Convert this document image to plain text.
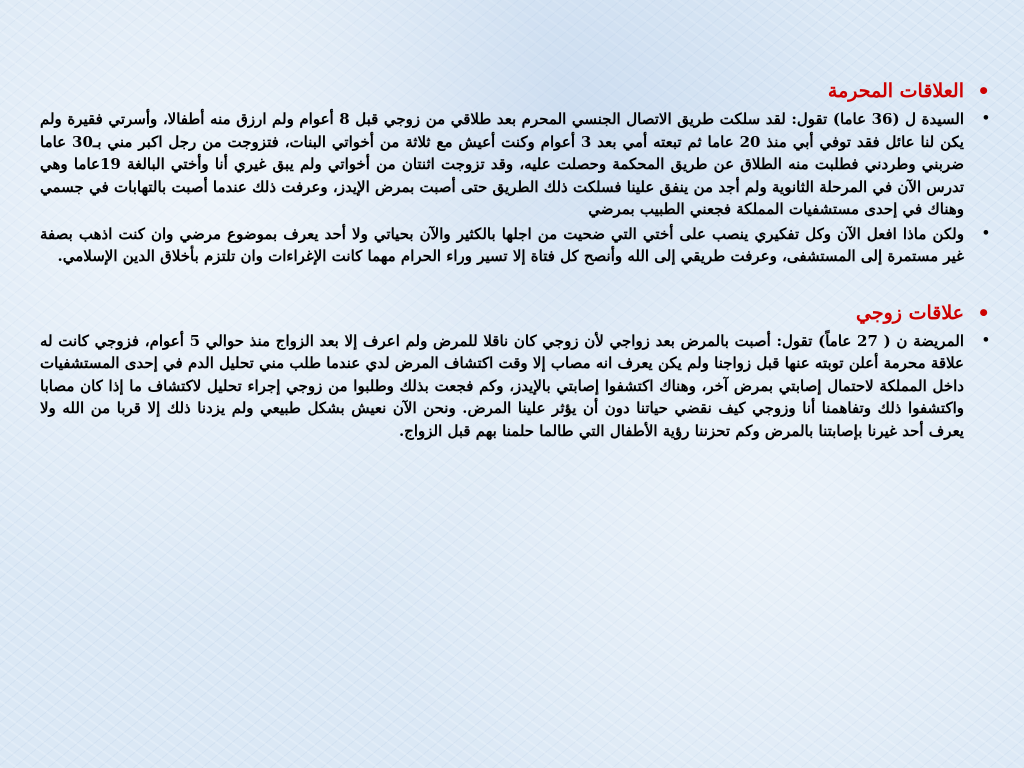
•
العلاقات المحرمة
•
السيدة ل (36 عاما) تقول: لقد سلكت طريق الاتصال الجنسي المحرم بعد طلاقي من زوجي قبل 8 أعوام ولم ارزق منه أطفالا، وأسرتي فقيرة ولم يكن لنا عائل فقد توفي أبي منذ 20 عاما ثم تبعته أمي بعد 3 أعوام وكنت أعيش مع ثلاثة من أخواتي البنات، فتزوجت من رجل اكبر مني بـ30 عاما ضربني وطردني فطلبت منه الطلاق عن طريق المحكمة وحصلت عليه، وقد تزوجت اثنتان من أخواتي ولم يبق غيري أنا وأختي البالغة 19عاما وهي تدرس الآن في المرحلة الثانوية ولم أجد من ينفق علينا فسلكت ذلك الطريق حتى أصبت بمرض الإيدز، وعرفت ذلك عندما أصبت بالتهابات في جسمي وهناك في إحدى مستشفيات المملكة فجعني الطبيب بمرضي
•
ولكن ماذا افعل الآن وكل تفكيري ينصب على أختي التي ضحيت من اجلها بالكثير والآن بحياتي ولا أحد يعرف بموضوع مرضي وان كنت اذهب بصفة غير مستمرة إلى المستشفى، وعرفت طريقي إلى الله وأنصح كل فتاة إلا تسير وراء الحرام مهما كانت الإغراءات وان تلتزم بأخلاق الدين الإسلامي.
•
علاقات زوجي
•
المريضة ن ( 27 عاماً) تقول: أصبت بالمرض بعد زواجي لأن زوجي كان ناقلا للمرض ولم اعرف إلا بعد الزواج منذ حوالي 5 أعوام، فزوجي كانت له علاقة محرمة أعلن توبته عنها قبل زواجنا ولم يكن يعرف انه مصاب إلا وقت اكتشاف المرض لدي عندما طلب مني تحليل الدم في إحدى المستشفيات داخل المملكة لاحتمال إصابتي بمرض آخر، وهناك اكتشفوا إصابتي بالإيدز، وكم فجعت بذلك وطلبوا من زوجي إجراء تحليل لاكتشاف ما إذا كان مصابا واكتشفوا ذلك وتفاهمنا أنا وزوجي كيف نقضي حياتنا دون أن يؤثر علينا المرض. ونحن الآن نعيش بشكل طبيعي ولم يزدنا ذلك إلا قربا من الله ولا يعرف أحد غيرنا بإصابتنا بالمرض وكم تحزننا رؤية الأطفال التي طالما حلمنا بهم قبل الزواج.
